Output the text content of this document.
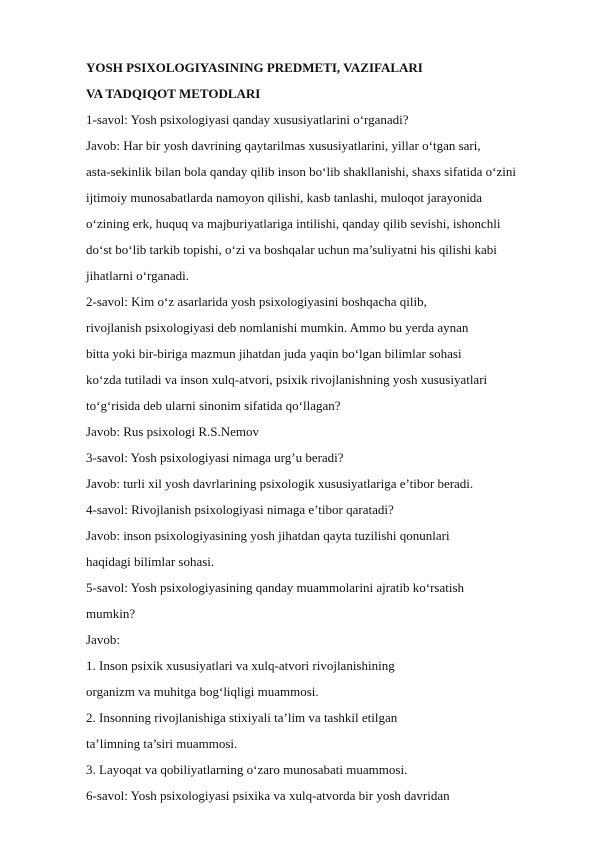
YOSH PSIXOLOGIYASINING PREDMETI, VAZIFALARI
VA TADQIQOT METODLARI
1-savol: Yosh psixologiyasi qanday xususiyatlarini o‘rganadi?
Javob: Har bir yosh davrining qaytarilmas xususiyatlarini, yillar o‘tgan sari,
asta-sekinlik bilan bola qanday qilib inson bo‘lib shakllanishi, shaxs sifatida o‘zini
ijtimoiy munosabatlarda namoyon qilishi, kasb tanlashi, muloqot jarayonida
o‘zining erk, huquq va majburiyatlariga intilishi, qanday qilib sevishi, ishonchli
do‘st bo‘lib tarkib topishi, o‘zi va boshqalar uchun ma’suliyatni his qilishi kabi
jihatlarni o‘rganadi.
2-savol: Kim o‘z asarlarida yosh psixologiyasini boshqacha qilib,
rivojlanish psixologiyasi deb nomlanishi mumkin. Ammo bu yerda aynan
bitta yoki bir-biriga mazmun jihatdan juda yaqin bo‘lgan bilimlar sohasi
ko‘zda tutiladi va inson xulq-atvori, psixik rivojlanishning yosh xususiyatlari
to‘g‘risida deb ularni sinonim sifatida qo‘llagan?
Javob: Rus psixologi R.S.Nemov
3-savol: Yosh psixologiyasi nimaga urg’u beradi?
Javob: turli xil yosh davrlarining psixologik xususiyatlariga e’tibor beradi.
4-savol: Rivojlanish psixologiyasi nimaga e’tibor qaratadi?
Javob: inson psixologiyasining yosh jihatdan qayta tuzilishi qonunlari
haqidagi bilimlar sohasi.
5-savol: Yosh psixologiyasining qanday muammolarini ajratib ko‘rsatish
mumkin?
Javob:
1. Inson psixik xususiyatlari va xulq-atvori rivojlanishining
organizm va muhitga bog‘liqligi muammosi.
2. Insonning rivojlanishiga stixiyali ta’lim va tashkil etilgan
ta’limning ta’siri muammosi.
3. Layoqat va qobiliyatlarning o‘zaro munosabati muammosi.
6-savol: Yosh psixologiyasi psixika va xulq-atvorda bir yosh davridan
